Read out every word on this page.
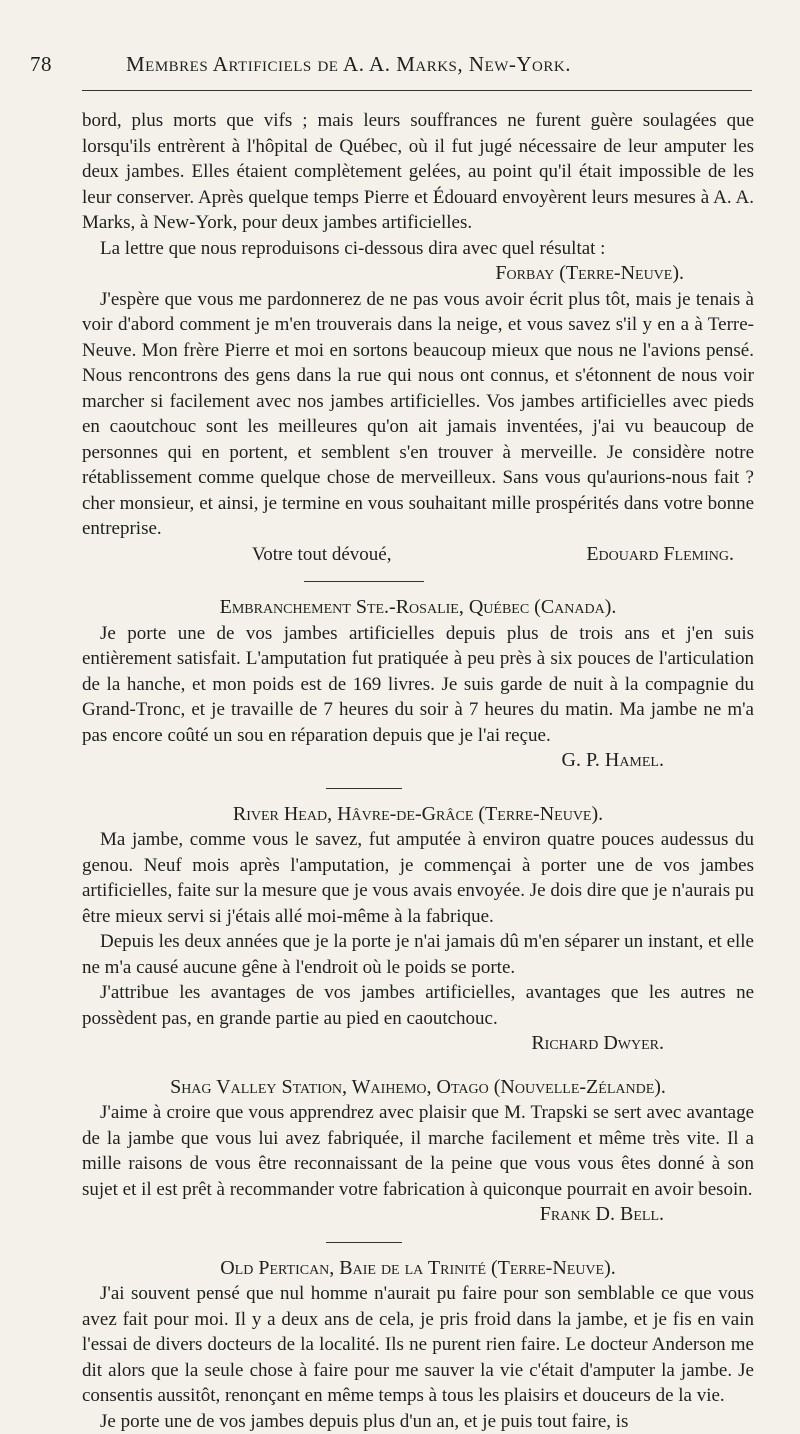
78	Membres Artificiels de A. A. Marks, New-York.

bord, plus morts que vifs ; mais leurs souffrances ne furent guère soulagées que lorsqu'ils entrèrent à l'hôpital de Québec, où il fut jugé nécessaire de leur amputer les deux jambes. Elles étaient complètement gelées, au point qu'il était impossible de les leur conserver. Après quelque temps Pierre et Édouard envoyèrent leurs mesures à A. A. Marks, à New-York, pour deux jambes artificielles.

La lettre que nous reproduisons ci-dessous dira avec quel résultat :

Forbay (Terre-Neuve).

J'espère que vous me pardonnerez de ne pas vous avoir écrit plus tôt, mais je tenais à voir d'abord comment je m'en trouverais dans la neige, et vous savez s'il y en a à Terre-Neuve. Mon frère Pierre et moi en sortons beaucoup mieux que nous ne l'avions pensé. Nous rencontrons des gens dans la rue qui nous ont connus, et s'étonnent de nous voir marcher si facilement avec nos jambes artificielles. Vos jambes artificielles avec pieds en caoutchouc sont les meilleures qu'on ait jamais inventées, j'ai vu beaucoup de personnes qui en portent, et semblent s'en trouver à merveille. Je considère notre rétablissement comme quelque chose de merveilleux. Sans vous qu'aurions-nous fait ? cher monsieur, et ainsi, je termine en vous souhaitant mille prospérités dans votre bonne entreprise.

Votre tout dévoué,	Edouard Fleming.

Embranchement Ste.-Rosalie, Québec (Canada).

Je porte une de vos jambes artificielles depuis plus de trois ans et j'en suis entièrement satisfait. L'amputation fut pratiquée à peu près à six pouces de l'articulation de la hanche, et mon poids est de 169 livres. Je suis garde de nuit à la compagnie du Grand-Tronc, et je travaille de 7 heures du soir à 7 heures du matin. Ma jambe ne m'a pas encore coûté un sou en réparation depuis que je l'ai reçue.

G. P. Hamel.

River Head, Hâvre-de-Grâce (Terre-Neuve).

Ma jambe, comme vous le savez, fut amputée à environ quatre pouces audessus du genou. Neuf mois après l'amputation, je commençai à porter une de vos jambes artificielles, faite sur la mesure que je vous avais envoyée. Je dois dire que je n'aurais pu être mieux servi si j'étais allé moi-même à la fabrique.

Depuis les deux années que je la porte je n'ai jamais dû m'en séparer un instant, et elle ne m'a causé aucune gêne à l'endroit où le poids se porte.

J'attribue les avantages de vos jambes artificielles, avantages que les autres ne possèdent pas, en grande partie au pied en caoutchouc.

Richard Dwyer.

Shag Valley Station, Waihemo, Otago (Nouvelle-Zélande).

J'aime à croire que vous apprendrez avec plaisir que M. Trapski se sert avec avantage de la jambe que vous lui avez fabriquée, il marche facilement et même très vite. Il a mille raisons de vous être reconnaissant de la peine que vous vous êtes donné à son sujet et il est prêt à recommander votre fabrication à quiconque pourrait en avoir besoin.

Frank D. Bell.

Old Pertican, Baie de la Trinité (Terre-Neuve).

J'ai souvent pensé que nul homme n'aurait pu faire pour son semblable ce que vous avez fait pour moi. Il y a deux ans de cela, je pris froid dans la jambe, et je fis en vain l'essai de divers docteurs de la localité. Ils ne purent rien faire. Le docteur Anderson me dit alors que la seule chose à faire pour me sauver la vie c'était d'amputer la jambe. Je consentis aussitôt, renonçant en même temps à tous les plaisirs et douceurs de la vie.

Je porte une de vos jambes depuis plus d'un an, et je puis tout faire, is
